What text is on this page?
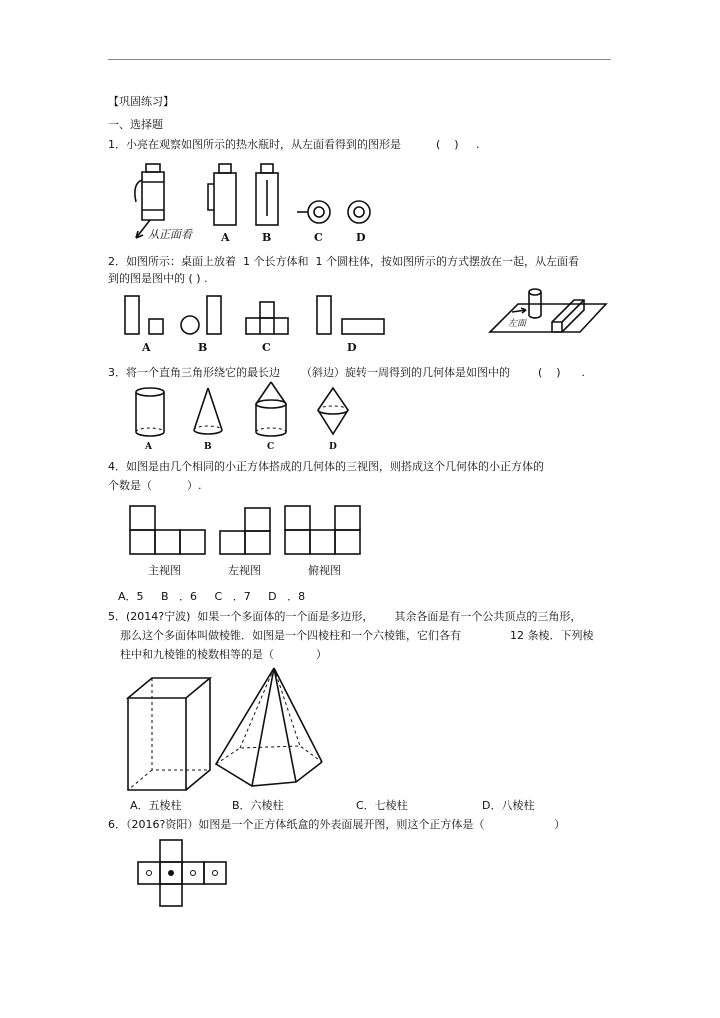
【巩固练习】
一、选择题
1．小亮在观察如图所示的热水瓶时，从左面看得到的图形是          (    )     .
从正面看	A	B	C	D
2．如图所示：桌面上放着  1 个长方体和  1 个圆柱体，按如图所示的方式摆放在一起，从左面看
到的图是图中的 ( ) .
A	B	C	D
左面
3．将一个直角三角形绕它的最长边      （斜边）旋转一周得到的几何体是如图中的        (    )      .
A	B	C	D
4．如图是由几个相同的小正方体搭成的几何体的三视图，则搭成这个几何体的小正方体的
个数是（          ）.
主视图	左视图	俯视图
A．5     B   ．6     C   ．7     D   ．8
5．(2014?宁波)  如果一个多面体的一个面是多边形，      其余各面是有一个公共顶点的三角形，
那么这个多面体叫做棱锥．如图是一个四棱柱和一个六棱锥，它们各有              12 条棱．下列棱
柱中和九棱锥的棱数相等的是（            ）
A．五棱柱	B．六棱柱	C．七棱柱	D．八棱柱
6．（2016?资阳）如图是一个正方体纸盒的外表面展开图，则这个正方体是（                    ）
